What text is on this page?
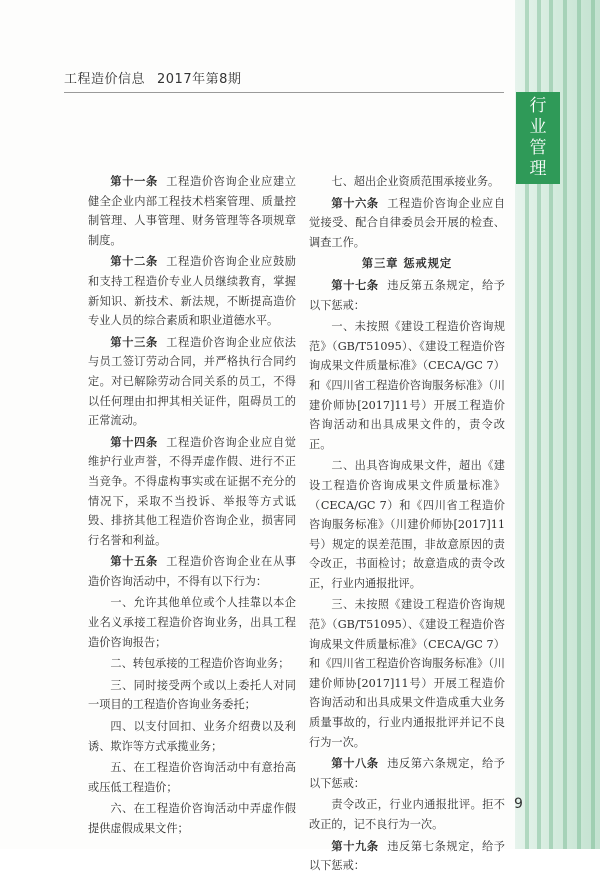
工程造价信息 2017年第8期
行
业
管
理

第十一条 工程造价咨询企业应建立健全企业内部工程技术档案管理、质量控制管理、人事管理、财务管理等各项规章制度。

第十二条 工程造价咨询企业应鼓励和支持工程造价专业人员继续教育，掌握新知识、新技术、新法规，不断提高造价专业人员的综合素质和职业道德水平。

第十三条 工程造价咨询企业应依法与员工签订劳动合同，并严格执行合同约定。对已解除劳动合同关系的员工，不得以任何理由扣押其相关证件，阻碍员工的正常流动。

第十四条 工程造价咨询企业应自觉维护行业声誉，不得弄虚作假、进行不正当竞争。不得虚构事实或在证据不充分的情况下，采取不当投诉、举报等方式诋毁、排挤其他工程造价咨询企业，损害同行名誉和利益。

第十五条 工程造价咨询企业在从事造价咨询活动中，不得有以下行为：

一、允许其他单位或个人挂靠以本企业名义承接工程造价咨询业务，出具工程造价咨询报告；

二、转包承接的工程造价咨询业务；

三、同时接受两个或以上委托人对同一项目的工程造价咨询业务委托；

四、以支付回扣、业务介绍费以及利诱、欺诈等方式承揽业务；

五、在工程造价咨询活动中有意抬高或压低工程造价；

六、在工程造价咨询活动中弄虚作假提供虚假成果文件；

七、超出企业资质范围承接业务。

第十六条 工程造价咨询企业应自觉接受、配合自律委员会开展的检查、调查工作。

第三章 惩戒规定

第十七条 违反第五条规定，给予以下惩戒：

一、未按照《建设工程造价咨询规范》（GB/T51095）、《建设工程造价咨询成果文件质量标准》（CECA/GC 7）和《四川省工程造价咨询服务标准》（川建价师协[2017]11号）开展工程造价咨询活动和出具成果文件的，责令改正。

二、出具咨询成果文件，超出《建设工程造价咨询成果文件质量标准》（CECA/GC 7）和《四川省工程造价咨询服务标准》（川建价师协[2017]11号）规定的误差范围，非故意原因的责令改正，书面检讨；故意造成的责令改正，行业内通报批评。

三、未按照《建设工程造价咨询规范》（GB/T51095）、《建设工程造价咨询成果文件质量标准》（CECA/GC 7）和《四川省工程造价咨询服务标准》（川建价师协[2017]11号）开展工程造价咨询活动和出具成果文件造成重大业务质量事故的，行业内通报批评并记不良行为一次。

第十八条 违反第六条规定，给予以下惩戒：

责令改正，行业内通报批评。拒不改正的，记不良行为一次。

第十九条 违反第七条规定，给予以下惩戒：

9
